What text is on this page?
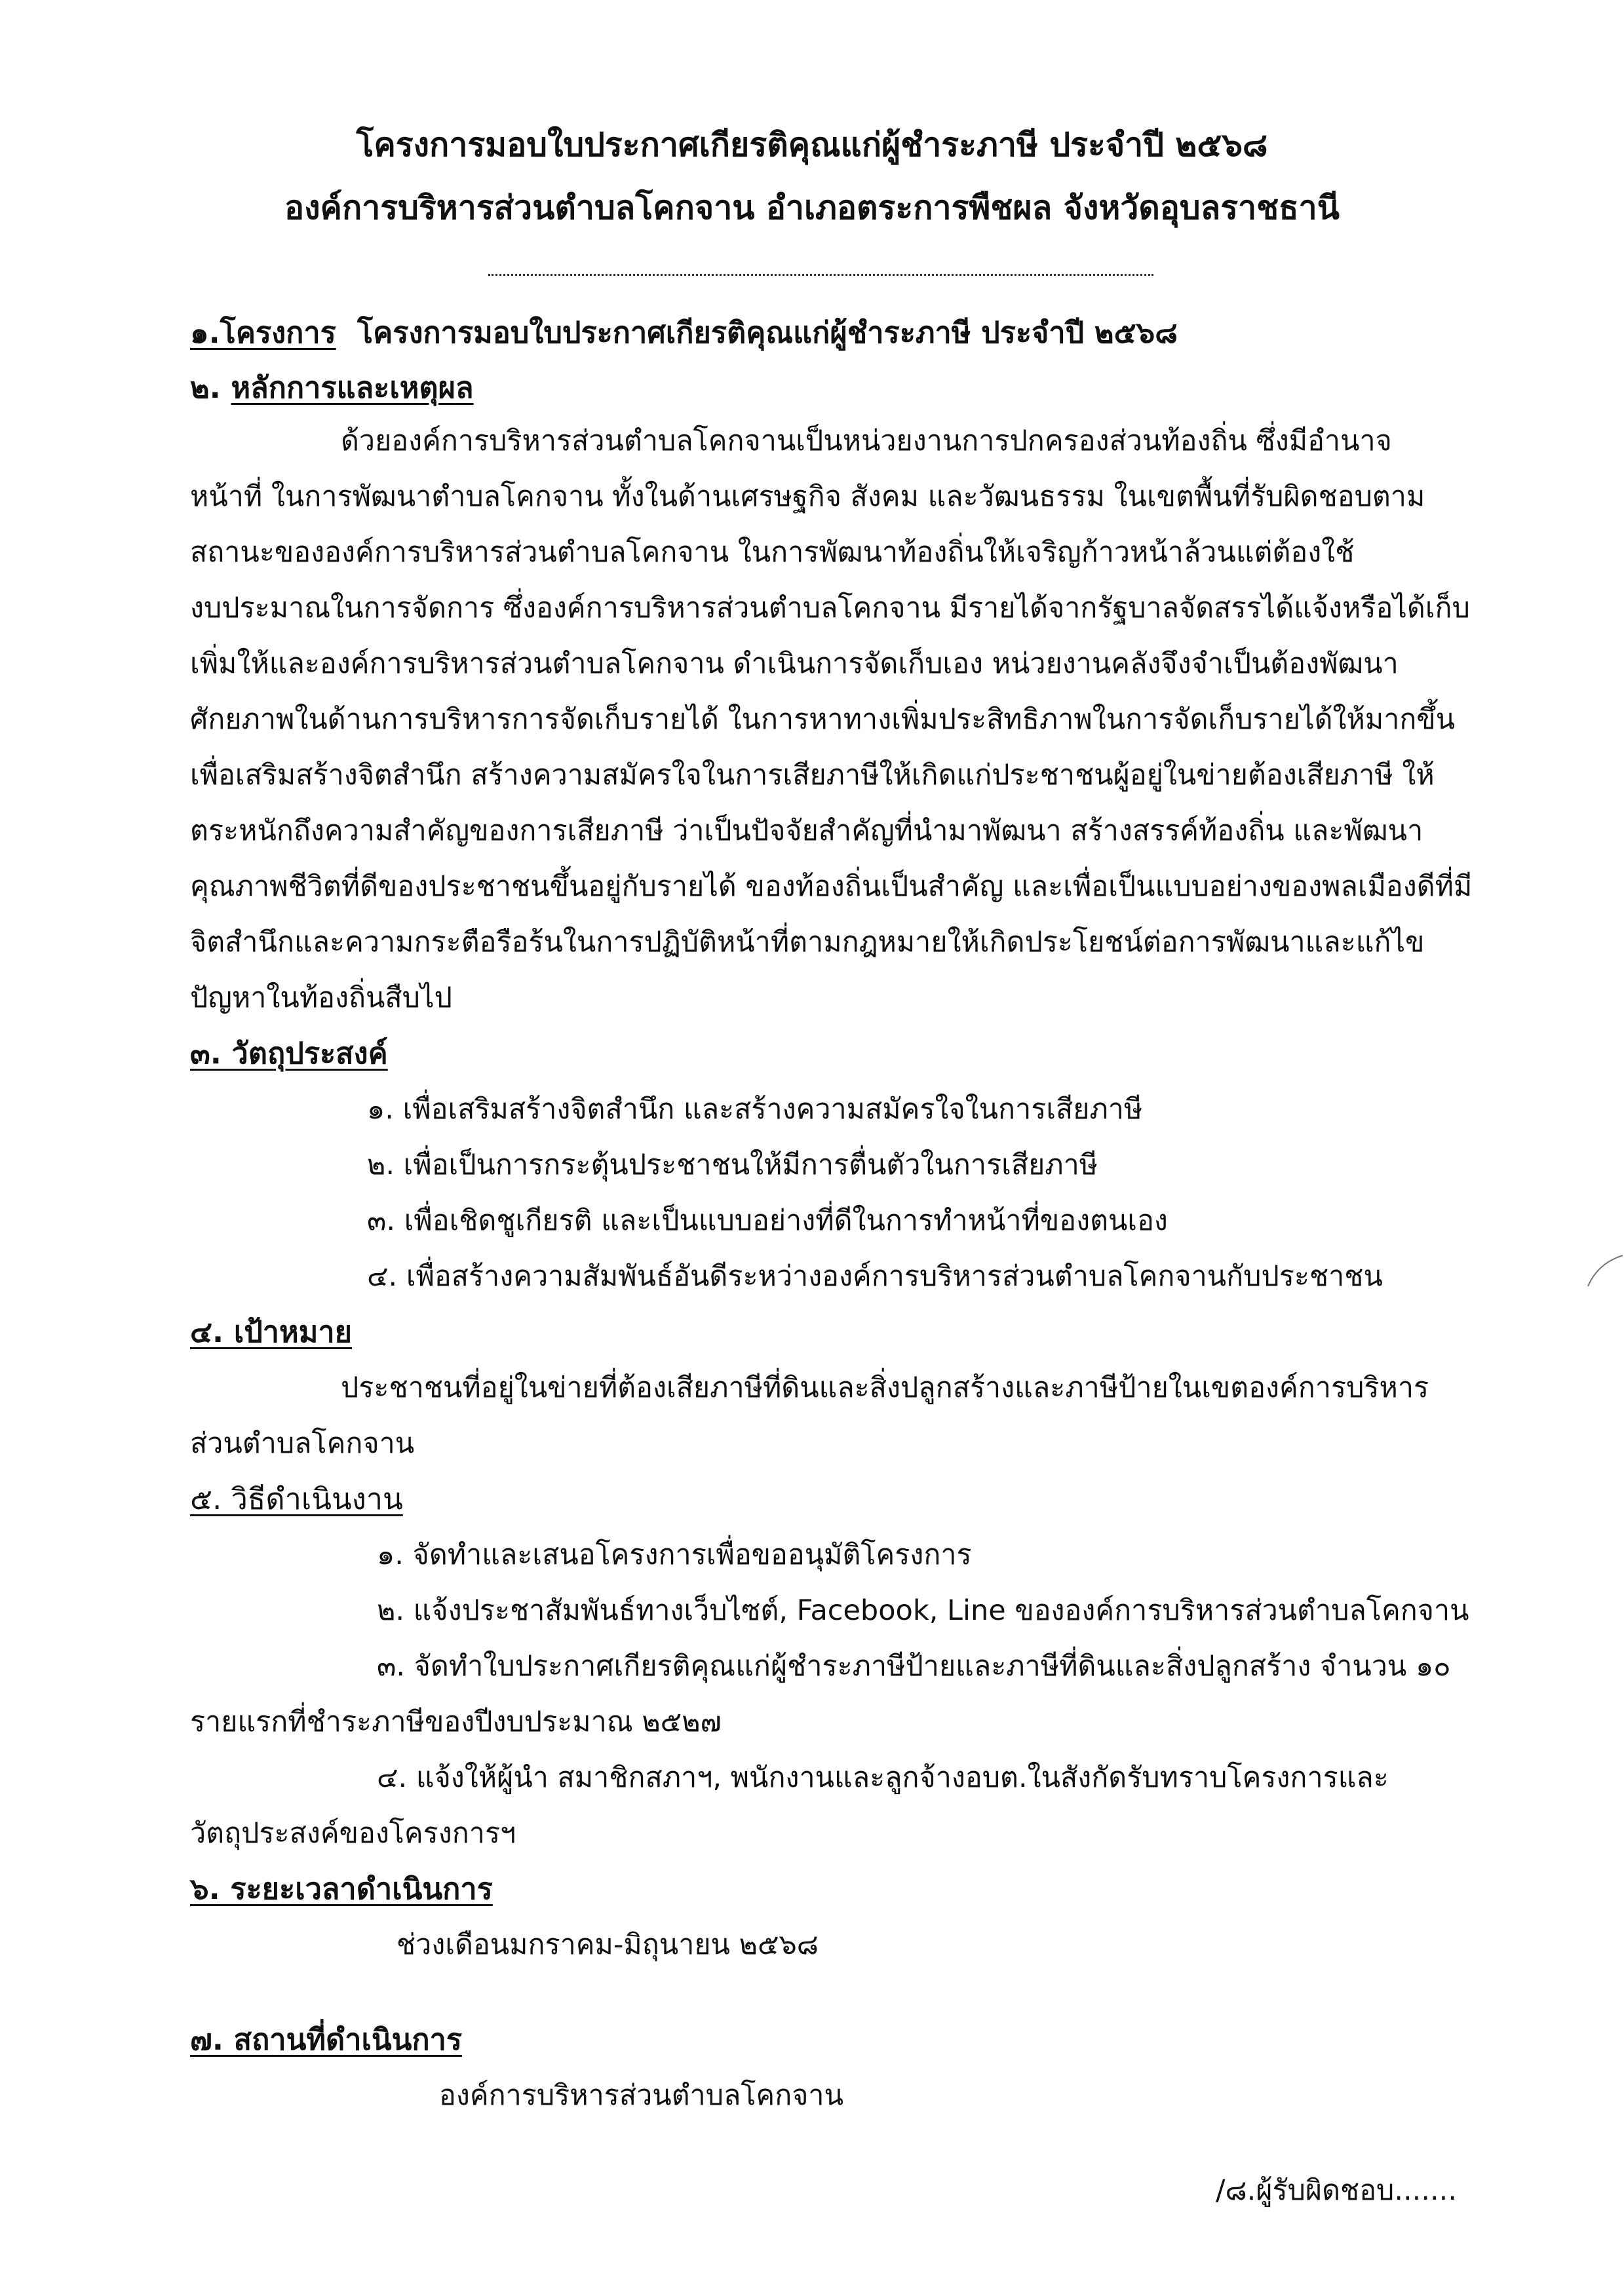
โครงการมอบใบประกาศเกียรติคุณแก่ผู้ชำระภาษี ประจำปี ๒๕๖๘
องค์การบริหารส่วนตำบลโคกจาน อำเภอตระการพืชผล จังหวัดอุบลราชธานี
๑.โครงการ โครงการมอบใบประกาศเกียรติคุณแก่ผู้ชำระภาษี ประจำปี ๒๕๖๘
๒. หลักการและเหตุผล
ด้วยองค์การบริหารส่วนตำบลโคกจานเป็นหน่วยงานการปกครองส่วนท้องถิ่น ซึ่งมีอำนาจ
หน้าที่ ในการพัฒนาตำบลโคกจาน ทั้งในด้านเศรษฐกิจ สังคม และวัฒนธรรม ในเขตพื้นที่รับผิดชอบตาม
สถานะขององค์การบริหารส่วนตำบลโคกจาน ในการพัฒนาท้องถิ่นให้เจริญก้าวหน้าล้วนแต่ต้องใช้
งบประมาณในการจัดการ ซึ่งองค์การบริหารส่วนตำบลโคกจาน มีรายได้จากรัฐบาลจัดสรรได้แจ้งหรือได้เก็บ
เพิ่มให้และองค์การบริหารส่วนตำบลโคกจาน ดำเนินการจัดเก็บเอง หน่วยงานคลังจึงจำเป็นต้องพัฒนา
ศักยภาพในด้านการบริหารการจัดเก็บรายได้ ในการหาทางเพิ่มประสิทธิภาพในการจัดเก็บรายได้ให้มากขึ้น
เพื่อเสริมสร้างจิตสำนึก สร้างความสมัครใจในการเสียภาษีให้เกิดแก่ประชาชนผู้อยู่ในข่ายต้องเสียภาษี ให้
ตระหนักถึงความสำคัญของการเสียภาษี ว่าเป็นปัจจัยสำคัญที่นำมาพัฒนา สร้างสรรค์ท้องถิ่น และพัฒนา
คุณภาพชีวิตที่ดีของประชาชนขึ้นอยู่กับรายได้ ของท้องถิ่นเป็นสำคัญ และเพื่อเป็นแบบอย่างของพลเมืองดีที่มี
จิตสำนึกและความกระตือรือร้นในการปฏิบัติหน้าที่ตามกฎหมายให้เกิดประโยชน์ต่อการพัฒนาและแก้ไข
ปัญหาในท้องถิ่นสืบไป
๓. วัตถุประสงค์
๑. เพื่อเสริมสร้างจิตสำนึก และสร้างความสมัครใจในการเสียภาษี
๒. เพื่อเป็นการกระตุ้นประชาชนให้มีการตื่นตัวในการเสียภาษี
๓. เพื่อเชิดชูเกียรติ และเป็นแบบอย่างที่ดีในการทำหน้าที่ของตนเอง
๔. เพื่อสร้างความสัมพันธ์อันดีระหว่างองค์การบริหารส่วนตำบลโคกจานกับประชาชน
๔. เป้าหมาย
ประชาชนที่อยู่ในข่ายที่ต้องเสียภาษีที่ดินและสิ่งปลูกสร้างและภาษีป้ายในเขตองค์การบริหาร
ส่วนตำบลโคกจาน
๕. วิธีดำเนินงาน
๑. จัดทำและเสนอโครงการเพื่อขออนุมัติโครงการ
๒. แจ้งประชาสัมพันธ์ทางเว็บไซต์, Facebook, Line ขององค์การบริหารส่วนตำบลโคกจาน
๓. จัดทำใบประกาศเกียรติคุณแก่ผู้ชำระภาษีป้ายและภาษีที่ดินและสิ่งปลูกสร้าง จำนวน ๑๐
รายแรกที่ชำระภาษีของปีงบประมาณ ๒๕๒๗
๔. แจ้งให้ผู้นำ สมาชิกสภาฯ, พนักงานและลูกจ้างอบต.ในสังกัดรับทราบโครงการและ
วัตถุประสงค์ของโครงการฯ
๖. ระยะเวลาดำเนินการ
ช่วงเดือนมกราคม-มิถุนายน ๒๕๖๘
๗. สถานที่ดำเนินการ
องค์การบริหารส่วนตำบลโคกจาน
/๘.ผู้รับผิดชอบ.......
